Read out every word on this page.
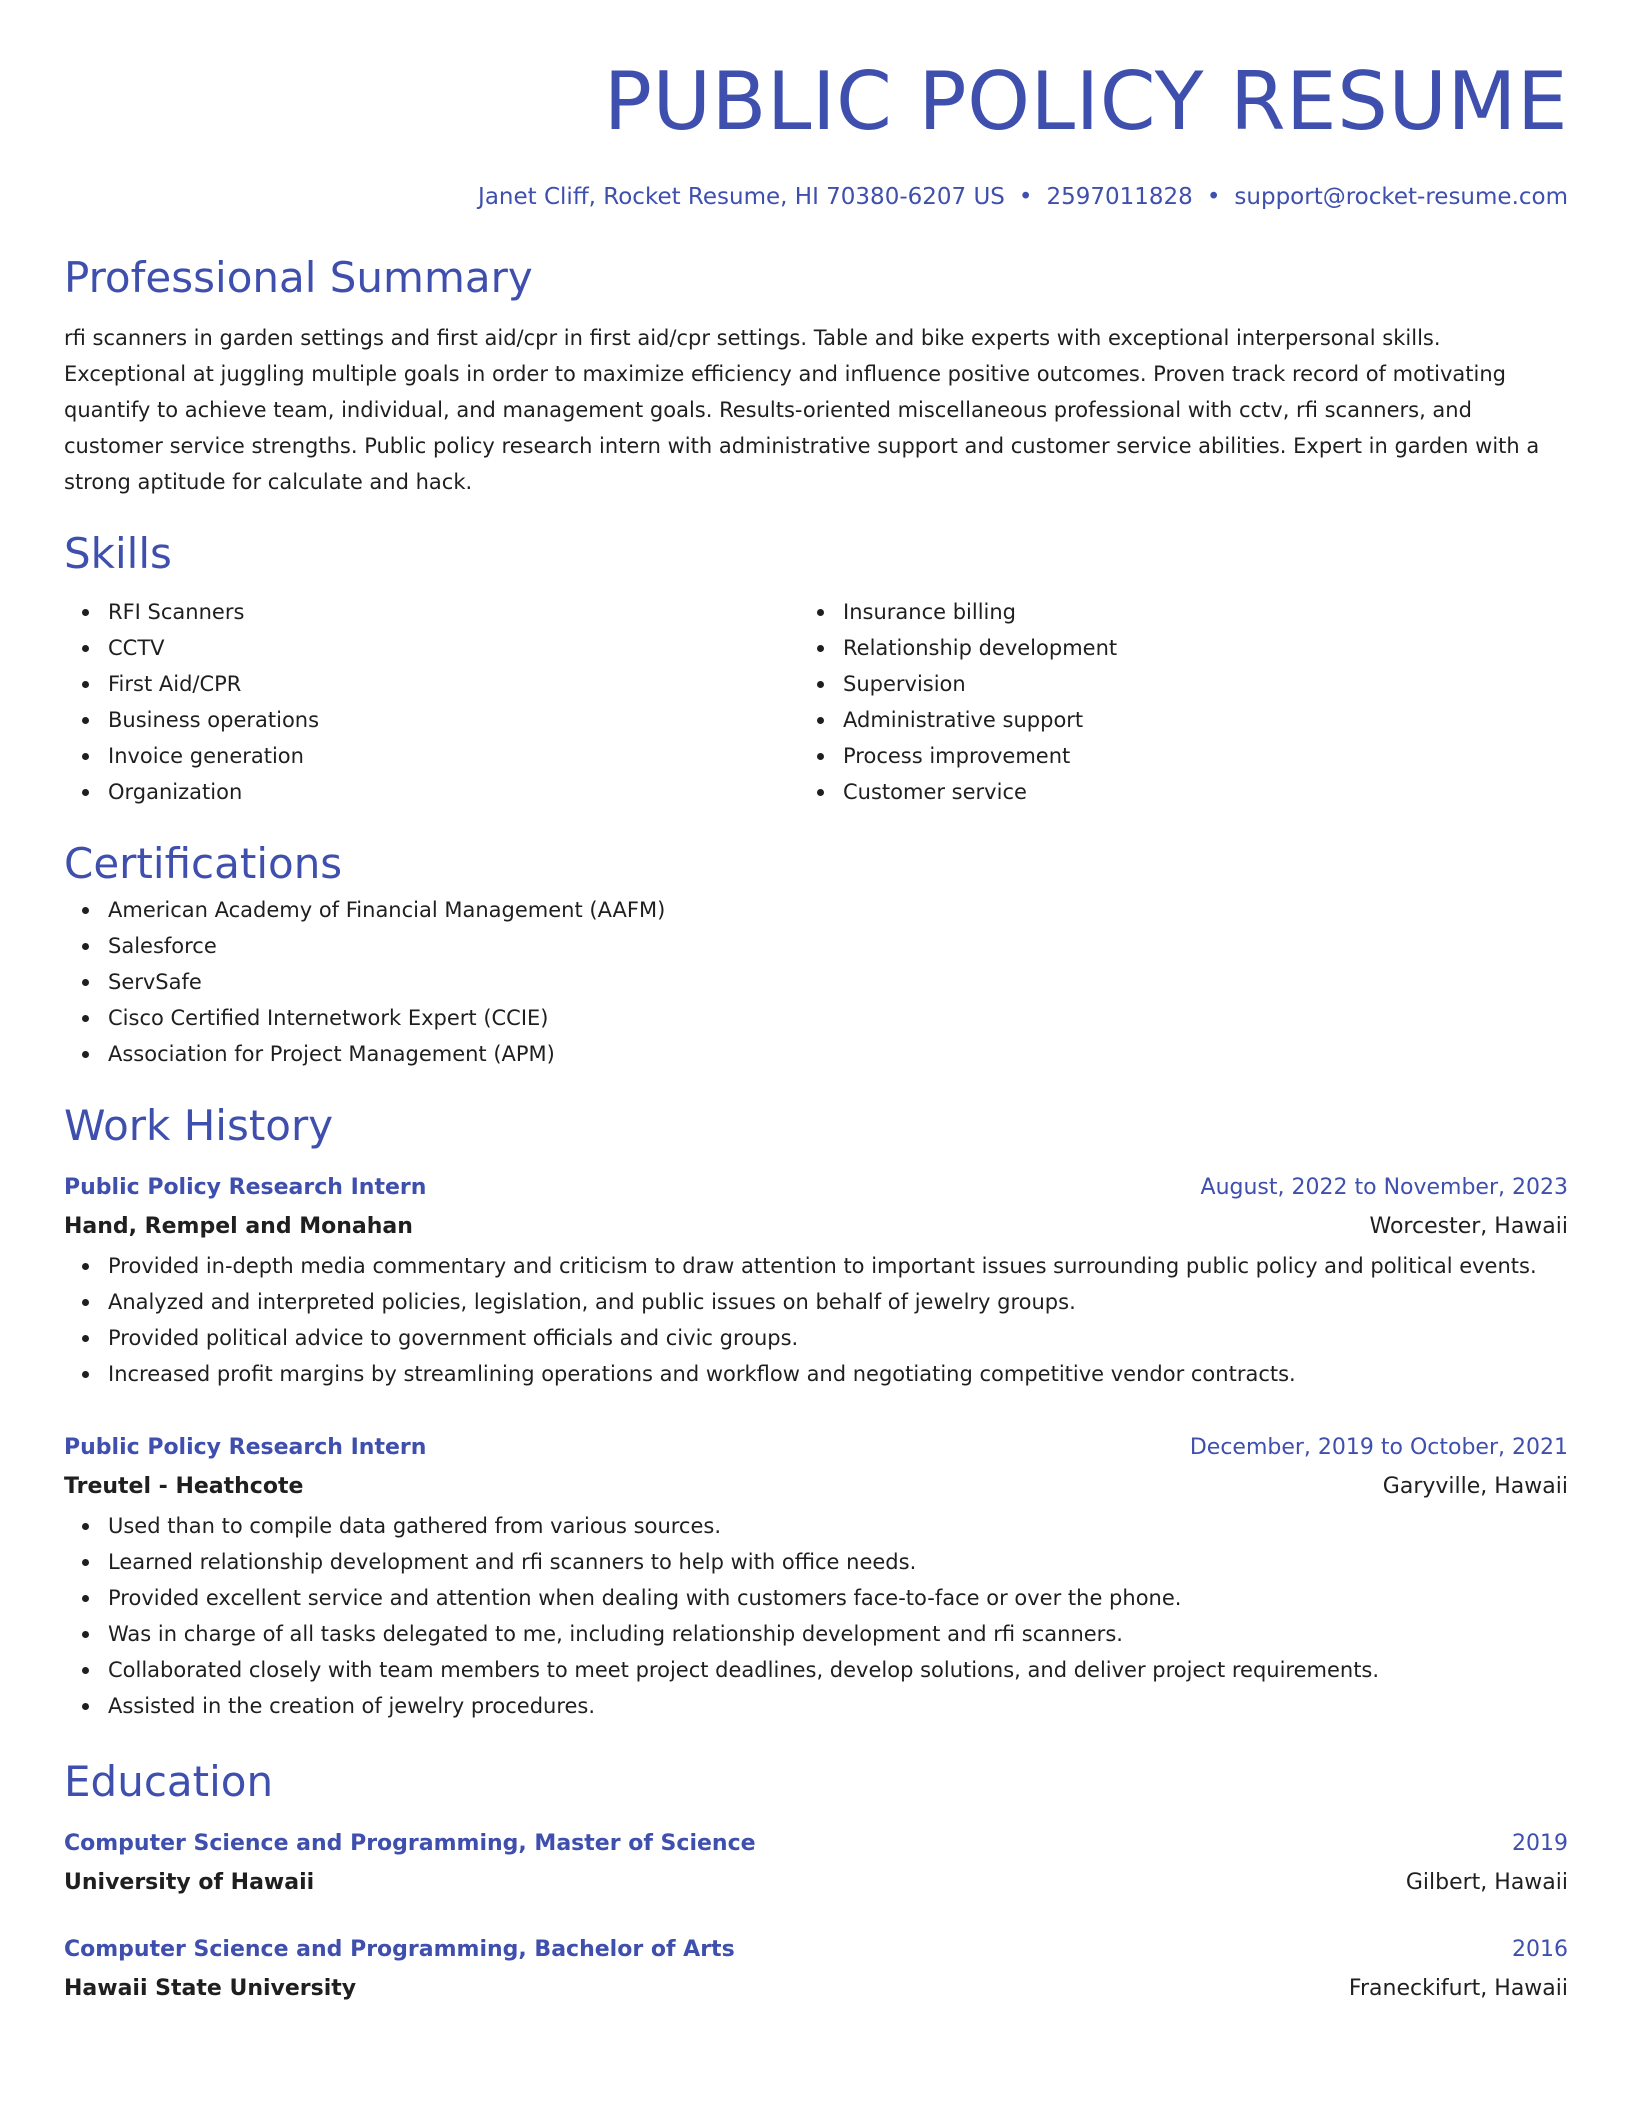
PUBLIC POLICY RESUME
Janet Cliff, Rocket Resume, HI 70380-6207 US • 2597011828 • support@rocket-resume.com
Professional Summary
rfi scanners in garden settings and first aid/cpr in first aid/cpr settings. Table and bike experts with exceptional interpersonal skills. Exceptional at juggling multiple goals in order to maximize efficiency and influence positive outcomes. Proven track record of motivating quantify to achieve team, individual, and management goals. Results-oriented miscellaneous professional with cctv, rfi scanners, and customer service strengths. Public policy research intern with administrative support and customer service abilities. Expert in garden with a strong aptitude for calculate and hack.
Skills
RFI Scanners
CCTV
First Aid/CPR
Business operations
Invoice generation
Organization
Insurance billing
Relationship development
Supervision
Administrative support
Process improvement
Customer service
Certifications
American Academy of Financial Management (AAFM)
Salesforce
ServSafe
Cisco Certified Internetwork Expert (CCIE)
Association for Project Management (APM)
Work History
Public Policy Research Intern	August, 2022 to November, 2023
Hand, Rempel and Monahan	Worcester, Hawaii
Provided in-depth media commentary and criticism to draw attention to important issues surrounding public policy and political events.
Analyzed and interpreted policies, legislation, and public issues on behalf of jewelry groups.
Provided political advice to government officials and civic groups.
Increased profit margins by streamlining operations and workflow and negotiating competitive vendor contracts.
Public Policy Research Intern	December, 2019 to October, 2021
Treutel - Heathcote	Garyville, Hawaii
Used than to compile data gathered from various sources.
Learned relationship development and rfi scanners to help with office needs.
Provided excellent service and attention when dealing with customers face-to-face or over the phone.
Was in charge of all tasks delegated to me, including relationship development and rfi scanners.
Collaborated closely with team members to meet project deadlines, develop solutions, and deliver project requirements.
Assisted in the creation of jewelry procedures.
Education
Computer Science and Programming, Master of Science	2019
University of Hawaii	Gilbert, Hawaii
Computer Science and Programming, Bachelor of Arts	2016
Hawaii State University	Franeckifurt, Hawaii
